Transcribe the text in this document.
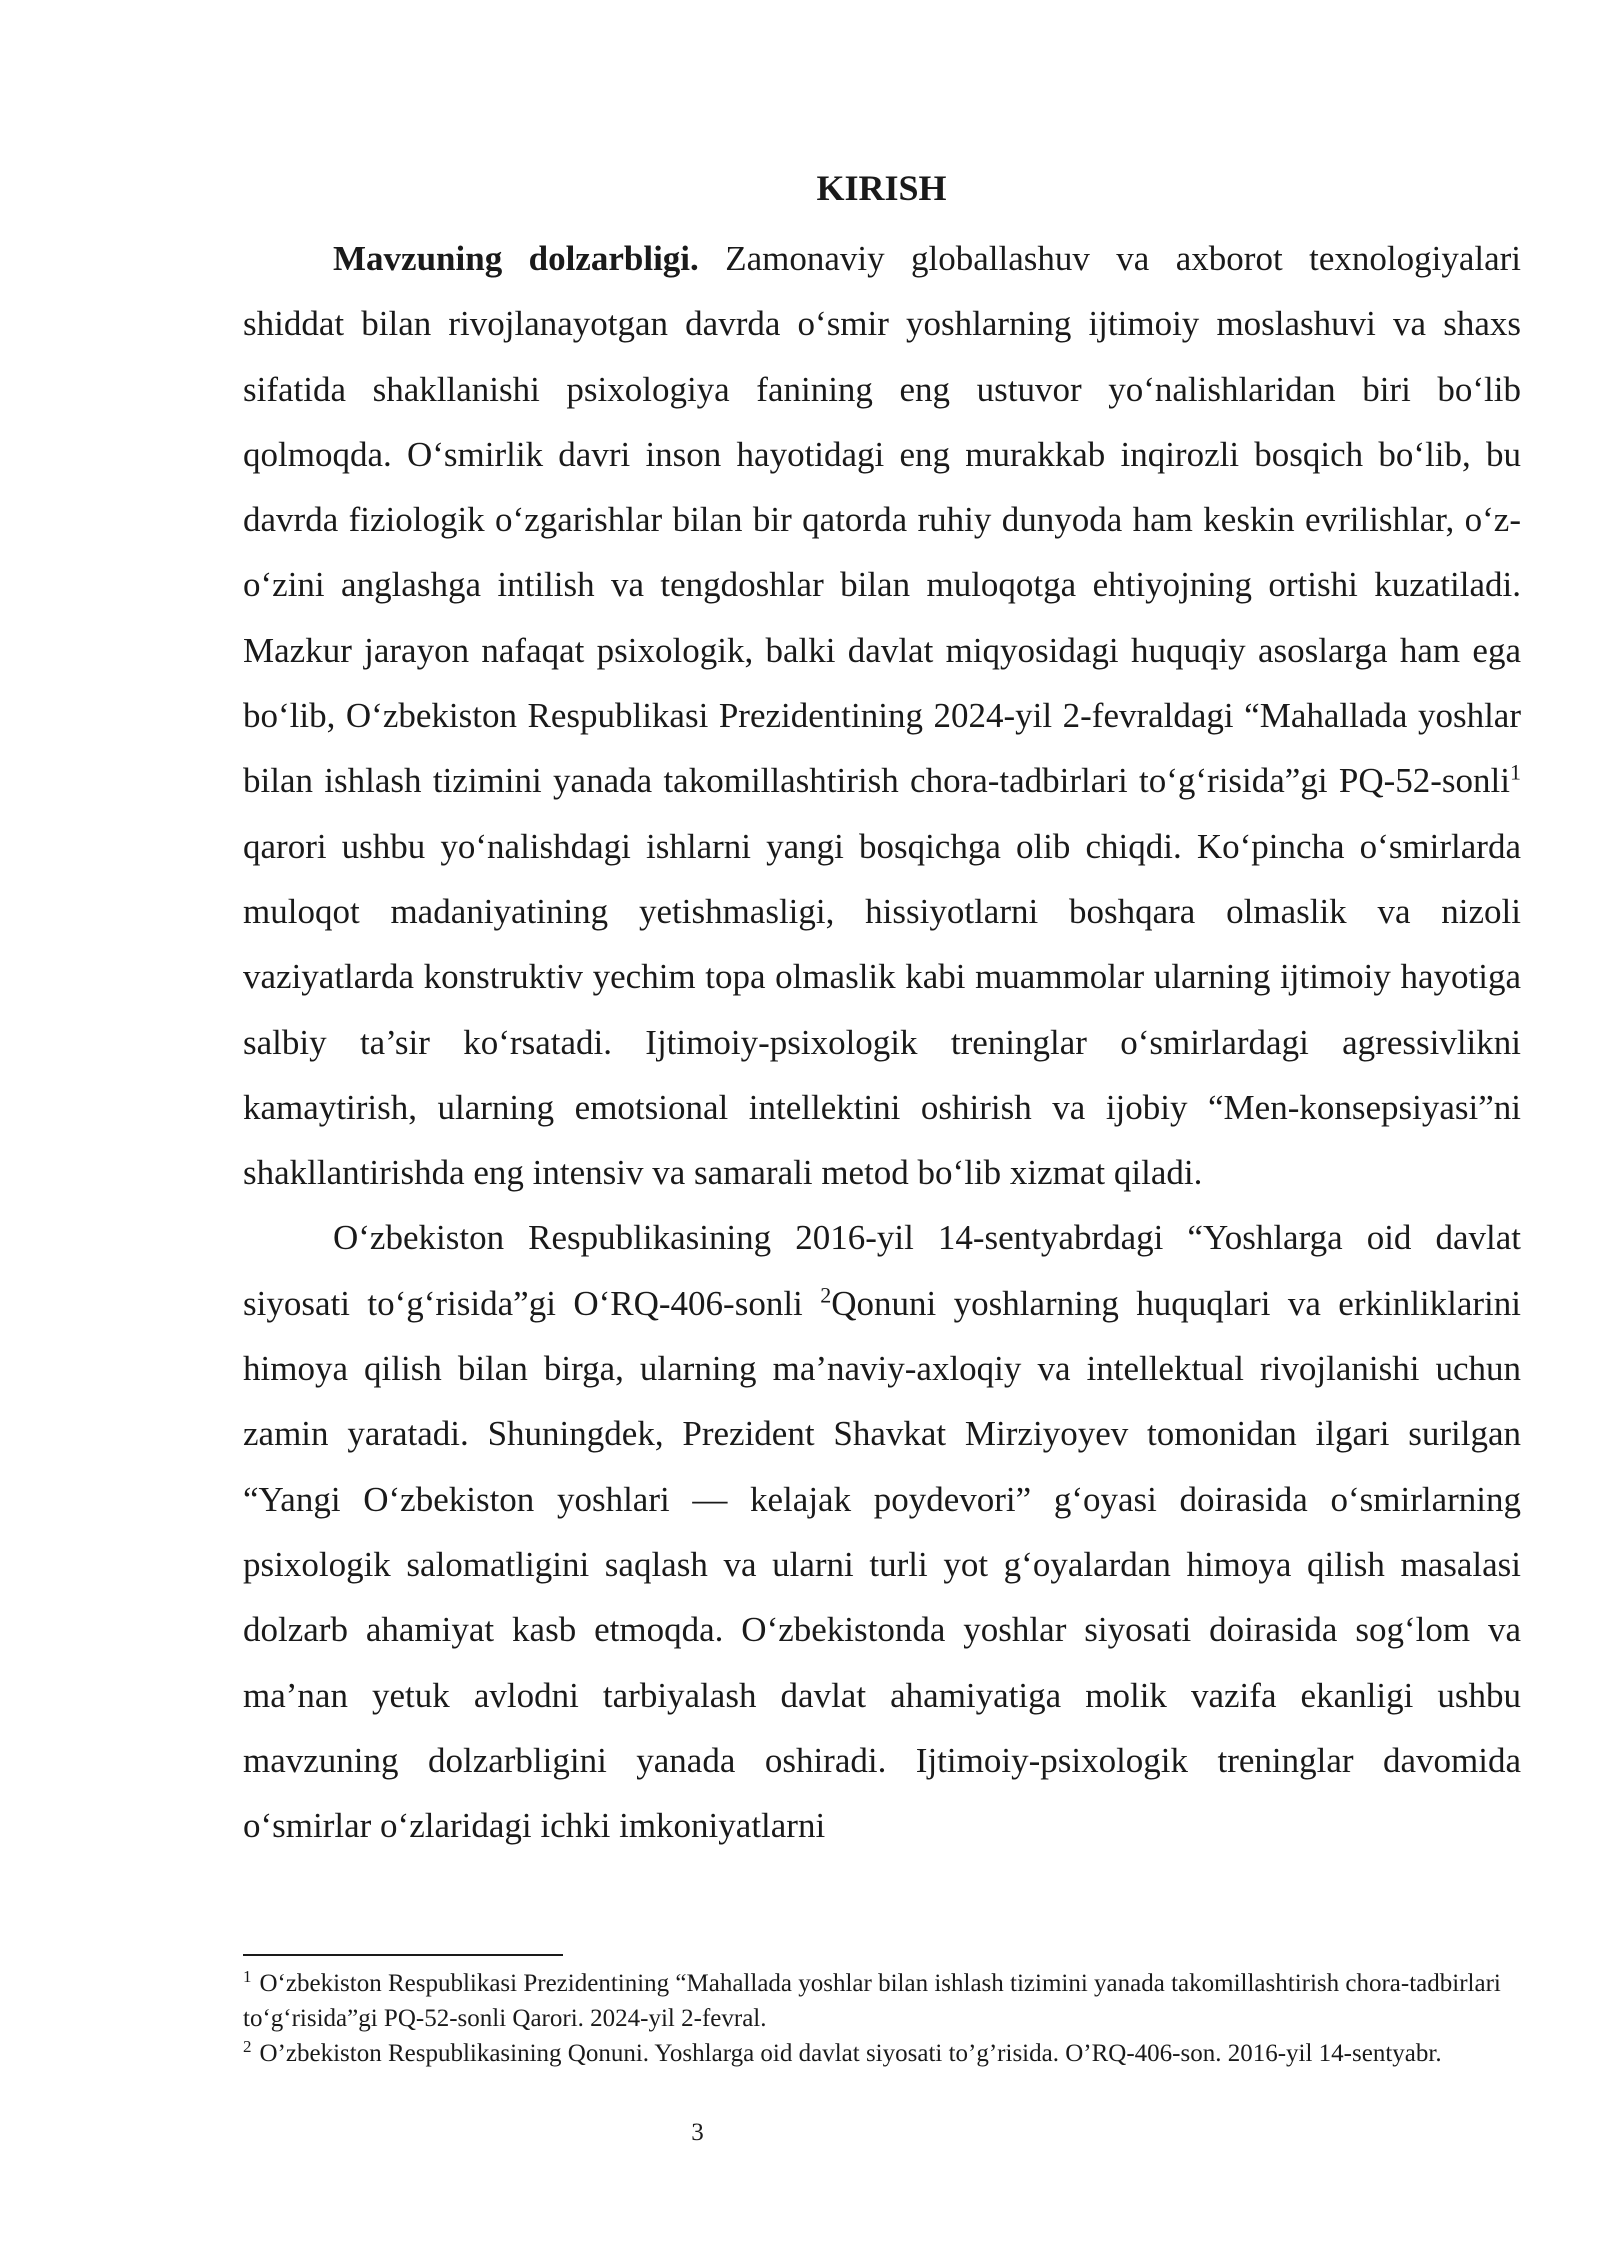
KIRISH

Mavzuning dolzarbligi. Zamonaviy globallashuv va axborot texnologiyalari shiddat bilan rivojlanayotgan davrda o‘smir yoshlarning ijtimoiy moslashuvi va shaxs sifatida shakllanishi psixologiya fanining eng ustuvor yo‘nalishlaridan biri bo‘lib qolmoqda. O‘smirlik davri inson hayotidagi eng murakkab inqirozli bosqich bo‘lib, bu davrda fiziologik o‘zgarishlar bilan bir qatorda ruhiy dunyoda ham keskin evrilishlar, o‘z-o‘zini anglashga intilish va tengdoshlar bilan muloqotga ehtiyojning ortishi kuzatiladi. Mazkur jarayon nafaqat psixologik, balki davlat miqyosidagi huquqiy asoslarga ham ega bo‘lib, O‘zbekiston Respublikasi Prezidentining 2024-yil 2-fevraldagi “Mahallada yoshlar bilan ishlash tizimini yanada takomillashtirish chora-tadbirlari to‘g‘risida”gi PQ-52-sonli$^1$ qarori ushbu yo‘nalishdagi ishlarni yangi bosqichga olib chiqdi. Ko‘pincha o‘smirlarda muloqot madaniyatining yetishmasligi, hissiyotlarni boshqara olmaslik va nizoli vaziyatlarda konstruktiv yechim topa olmaslik kabi muammolar ularning ijtimoiy hayotiga salbiy ta’sir ko‘rsatadi. Ijtimoiy-psixologik treninglar o‘smirlardagi agressivlikni kamaytirish, ularning emotsional intellektini oshirish va ijobiy “Men-konsepsiyasi”ni shakllantirishda eng intensiv va samarali metod bo‘lib xizmat qiladi.

O‘zbekiston Respublikasining 2016-yil 14-sentyabrdagi “Yoshlarga oid davlat siyosati to‘g‘risida”gi O‘RQ-406-sonli $^2$Qonuni yoshlarning huquqlari va erkinliklarini himoya qilish bilan birga, ularning ma’naviy-axloqiy va intellektual rivojlanishi uchun zamin yaratadi. Shuningdek, Prezident Shavkat Mirziyoyev tomonidan ilgari surilgan “Yangi O‘zbekiston yoshlari — kelajak poydevori” g‘oyasi doirasida o‘smirlarning psixologik salomatligini saqlash va ularni turli yot g‘oyalardan himoya qilish masalasi dolzarb ahamiyat kasb etmoqda. O‘zbekistonda yoshlar siyosati doirasida sog‘lom va ma’nan yetuk avlodni tarbiyalash davlat ahamiyatiga molik vazifa ekanligi ushbu mavzuning dolzarbligini yanada oshiradi. Ijtimoiy-psixologik treninglar davomida o‘smirlar o‘zlaridagi ichki imkoniyatlarni

$^1$ O‘zbekiston Respublikasi Prezidentining “Mahallada yoshlar bilan ishlash tizimini yanada takomillashtirish chora-tadbirlari to‘g‘risida”gi PQ-52-sonli Qarori. 2024-yil 2-fevral.

$^2$ O’zbekiston Respublikasining Qonuni. Yoshlarga oid davlat siyosati to’g’risida. O’RQ-406-son. 2016-yil 14-sentyabr.

3
